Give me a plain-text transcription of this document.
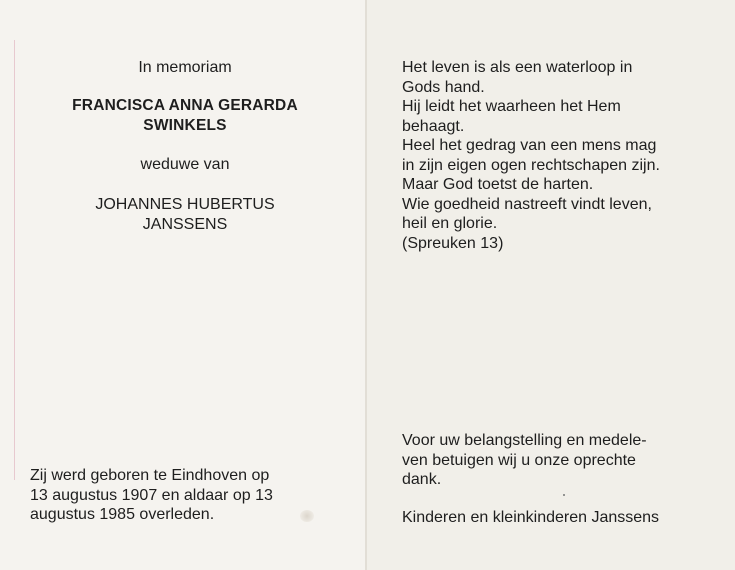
In memoriam
FRANCISCA ANNA GERARDA
SWINKELS
weduwe van
JOHANNES HUBERTUS
JANSSENS
Zij werd geboren te Eindhoven op
13 augustus 1907 en aldaar op 13
augustus 1985 overleden.
Het leven is als een waterloop in
Gods hand.
Hij leidt het waarheen het Hem
behaagt.
Heel het gedrag van een mens mag
in zijn eigen ogen rechtschapen zijn.
Maar God toetst de harten.
Wie goedheid nastreeft vindt leven,
heil en glorie.
(Spreuken 13)
Voor uw belangstelling en medele-
ven betuigen wij u onze oprechte
dank.
Kinderen en kleinkinderen Janssens
